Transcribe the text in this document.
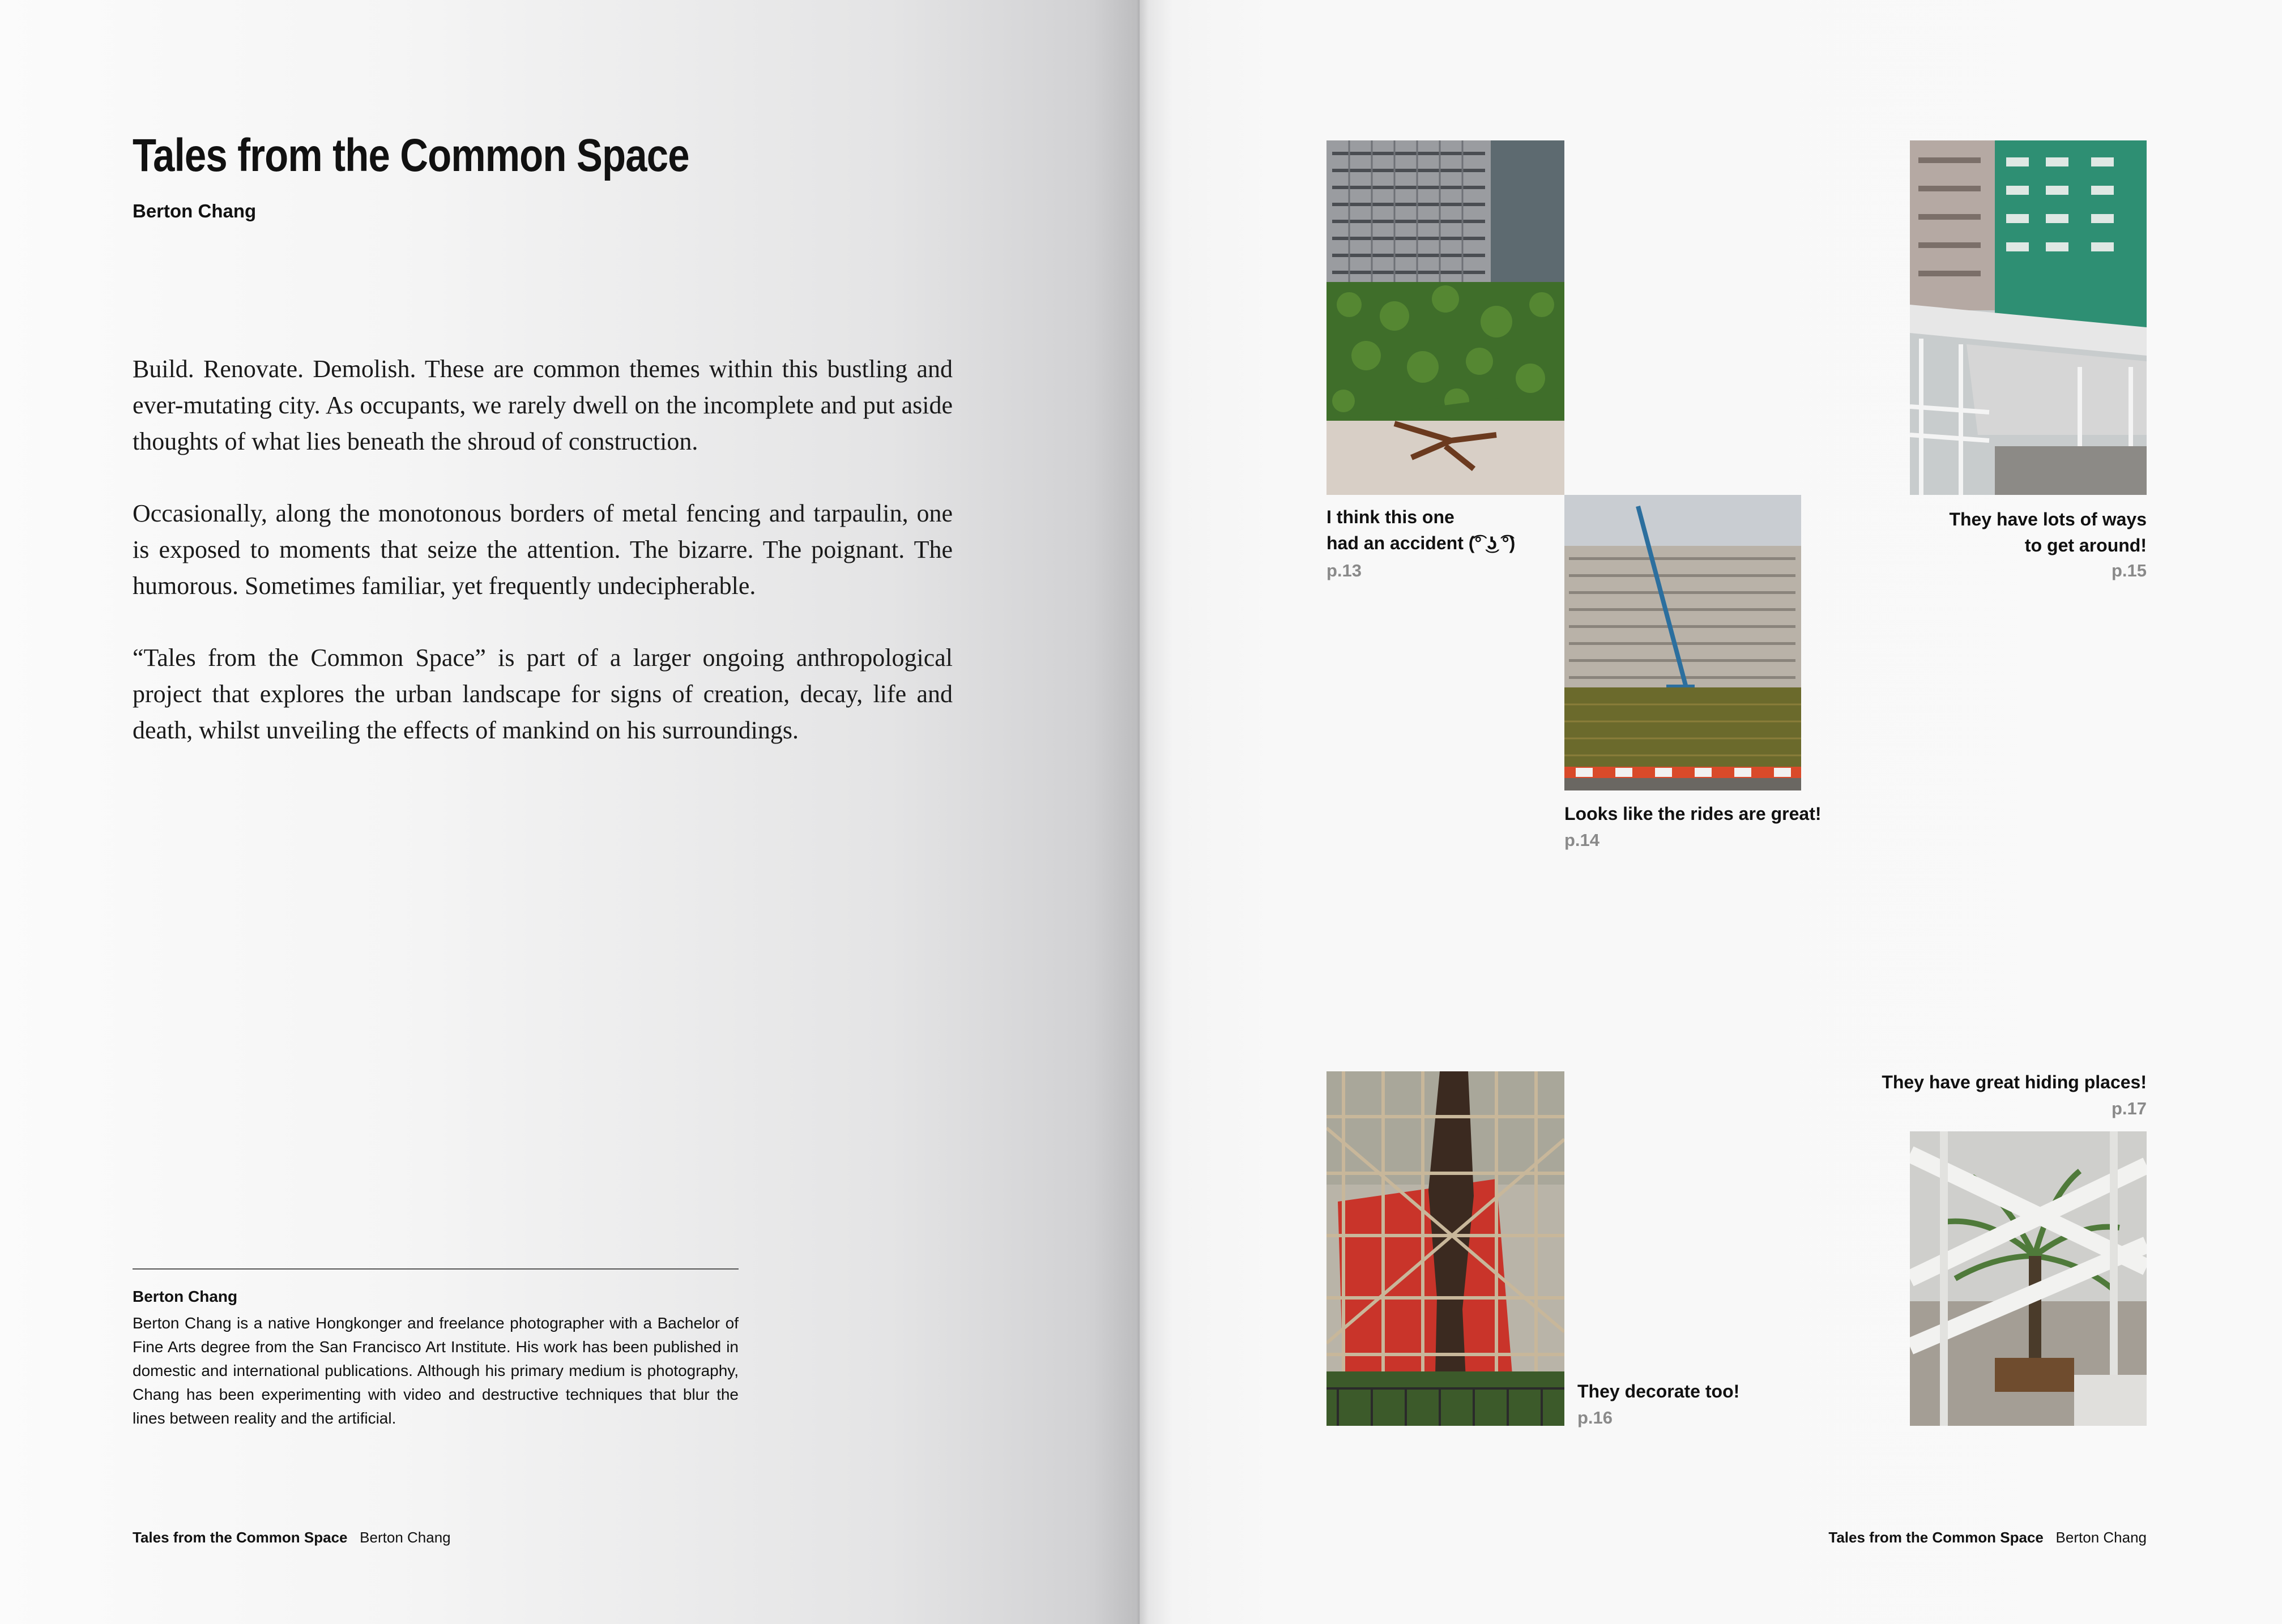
Tales from the Common Space
Berton Chang

Build. Renovate. Demolish. These are common themes within this bustling and ever-mutating city. As occupants, we rarely dwell on the incomplete and put aside thoughts of what lies beneath the shroud of construction.

Occasionally, along the monotonous borders of metal fencing and tarpaulin, one is exposed to moments that seize the attention. The bizarre. The poignant. The humorous. Sometimes familiar, yet frequently undecipherable.

“Tales from the Common Space” is part of a larger ongoing anthropological project that explores the urban landscape for signs of creation, decay, life and death, whilst unveiling the effects of mankind on his surroundings.

Berton Chang

Berton Chang is a native Hongkonger and freelance photographer with a Bachelor of Fine Arts degree from the San Francisco Art Institute. His work has been published in domestic and international publications. Although his primary medium is photography, Chang has been experimenting with video and destructive techniques that blur the lines between reality and the artificial.

Tales from the Common Space Berton Chang
I think this one
had an accident (͡° ͜ʖ ͡°)
p.13
Looks like the rides are great!
p.14
They have lots of ways
to get around!
p.15
They decorate too!
p.16
They have great hiding places!
p.17
Tales from the Common Space Berton Chang
